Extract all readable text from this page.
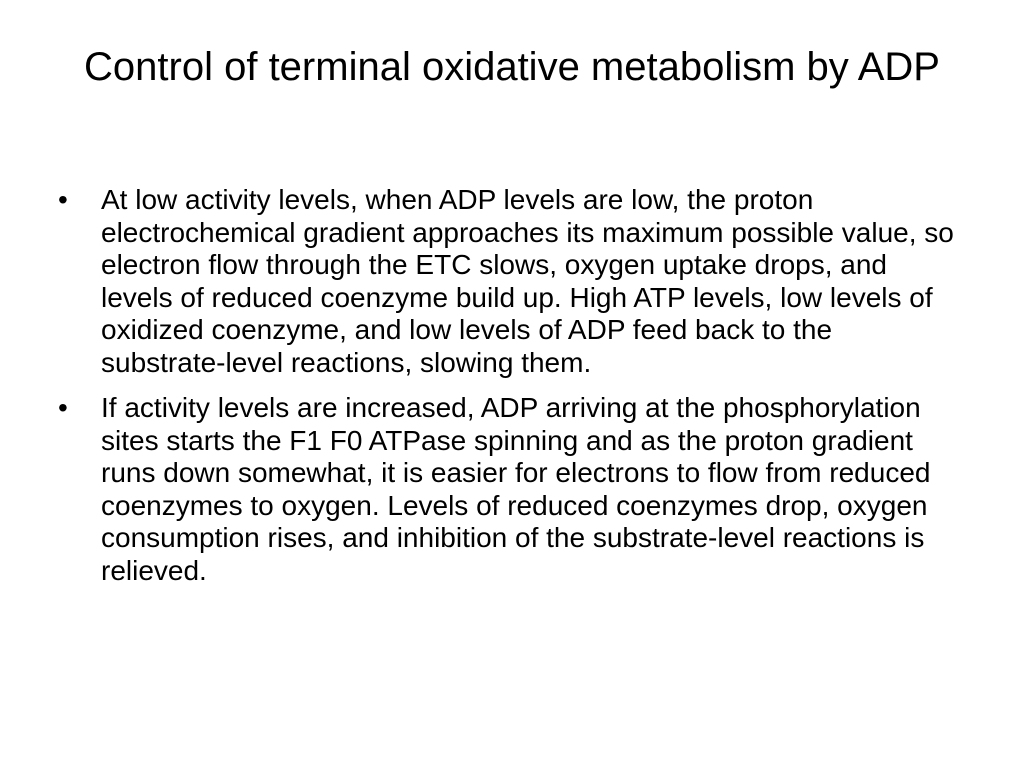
Control of terminal oxidative metabolism by ADP
•	At low activity levels, when ADP levels are low, the proton electrochemical gradient approaches its maximum possible value, so electron flow through the ETC slows, oxygen uptake drops, and levels of reduced coenzyme build up. High ATP levels, low levels of oxidized coenzyme, and low levels of ADP feed back to the substrate-level reactions, slowing them.
•	If activity levels are increased, ADP arriving at the phosphorylation sites starts the F1 F0 ATPase spinning and as the proton gradient runs down somewhat, it is easier for electrons to flow from reduced coenzymes to oxygen. Levels of reduced coenzymes drop, oxygen consumption rises, and inhibition of the substrate-level reactions is relieved.
